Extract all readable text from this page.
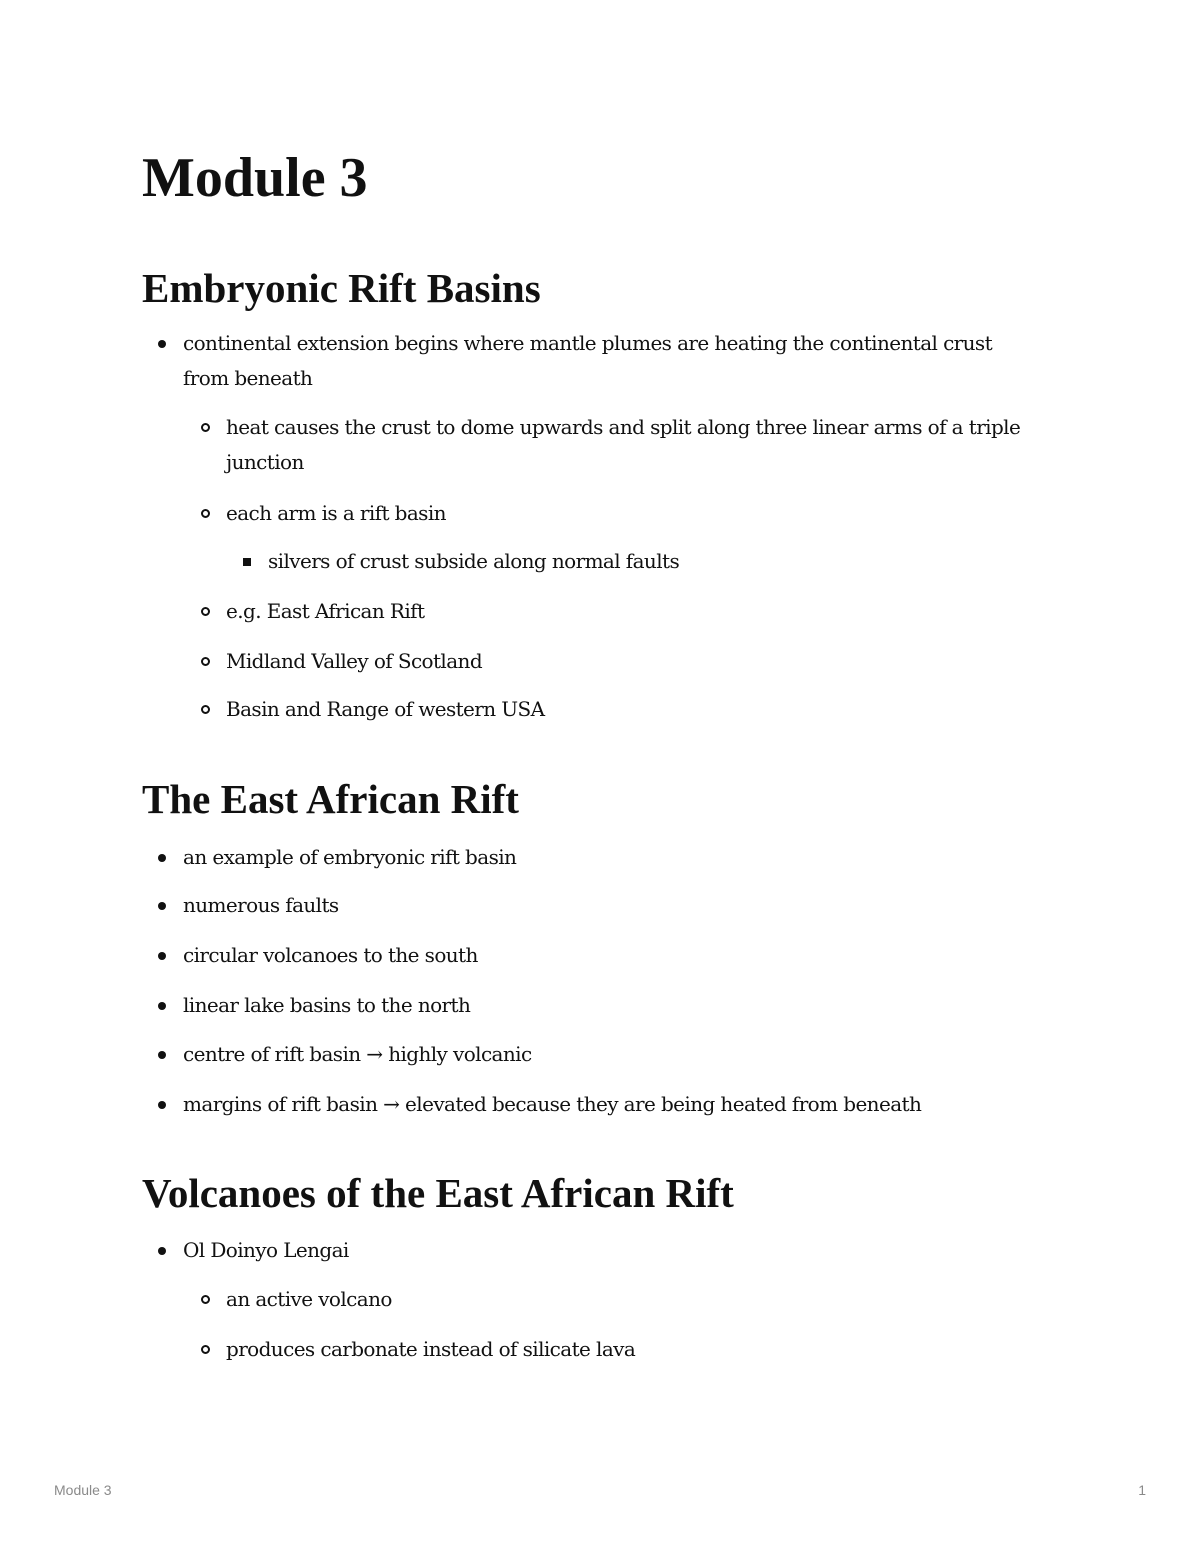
Module 3
Embryonic Rift Basins
continental extension begins where mantle plumes are heating the continental crust from beneath
heat causes the crust to dome upwards and split along three linear arms of a triple junction
each arm is a rift basin
silvers of crust subside along normal faults
e.g. East African Rift
Midland Valley of Scotland
Basin and Range of western USA
The East African Rift
an example of embryonic rift basin
numerous faults
circular volcanoes to the south
linear lake basins to the north
centre of rift basin → highly volcanic
margins of rift basin → elevated because they are being heated from beneath
Volcanoes of the East African Rift
Ol Doinyo Lengai
an active volcano
produces carbonate instead of silicate lava
Module 3	1
